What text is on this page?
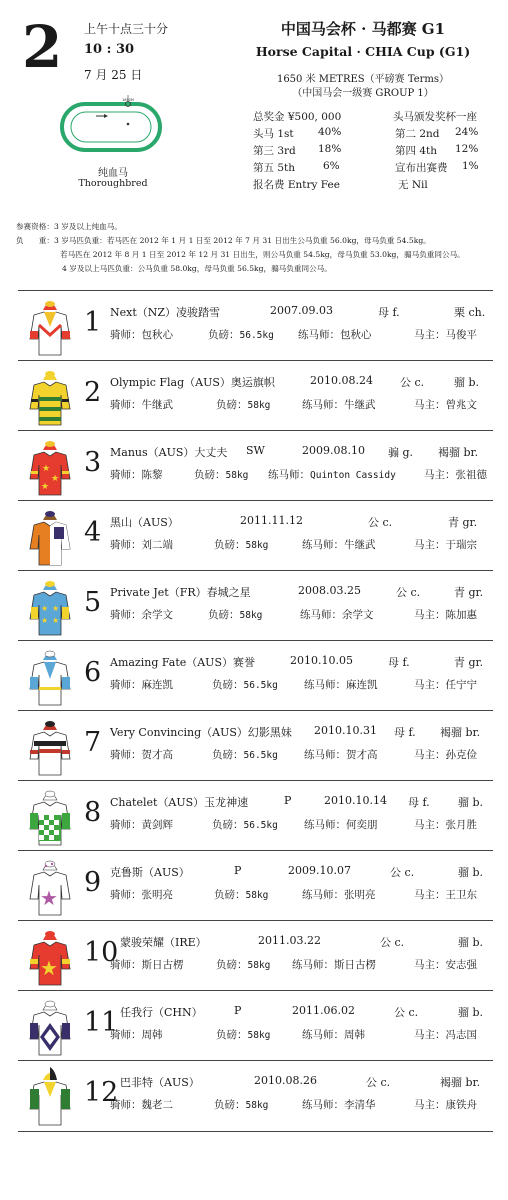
2 上午十点三十分
10 : 30
7 月 25 日
中国马会杯 · 马都赛 G1
Horse Capital · CHIA Cup (G1)
1650 米 METRES（平磅赛 Terms）
（中国马会一级赛 GROUP 1）
1650M
纯血马
Thoroughbred
总奖金 ¥500, 000	头马颁发奖杯一座
头马 1st 40%	第二 2nd 24%
第三 3rd 18%	第四 4th 12%
第五 5th	6%	宣布出赛费 1%
报名费 Entry Fee	无 Nil
参赛资格：3 岁及以上纯血马。
负　　重：3 岁马匹负重：若马匹在 2012 年 1 月 1 日至 2012 年 7 月 31 日出生公马负重 56.0kg，母马负重 54.5kg。
若马匹在 2012 年 8 月 1 日至 2012 年 12 月 31 日出生，则公马负重 54.5kg，母马负重 53.0kg，骟马负重同公马。
4 岁及以上马匹负重：公马负重 58.0kg，母马负重 56.5kg，骟马负重同公马。
1 Next（NZ）凌骏踏雪	2007.09.03	母 f.	栗 ch.
骑师：包秋心	负磅：56.5kg 练马师：包秋心	马主：马俊平
2 Olympic Flag（AUS）奥运旗帜	2010.08.24 公 c.	骝 b.
骑师：牛继武	负磅：58kg	练马师：牛继武	马主：曾兆文
★
★
★
3 Manus（AUS）大丈夫 SW	2009.08.10 骟 g. 褐骝 br.
骑师：陈黎	负磅：58kg 练马师：Quinton Cassidy	马主：张祖德
4 黑山（AUS）	2011.11.12	公 c.	青 gr.
骑师：刘二端	负磅：58kg	练马师：牛继武	马主：于瑞宗
★ ★
★ ★
5 Private Jet（FR）春城之星	2008.03.25	公 c.	青 gr.
骑师：余学文	负磅：58kg	练马师：余学文	马主：陈加惠
6 Amazing Fate（AUS）赛誉	2010.10.05	母 f.	青 gr.
骑师：麻连凯	负磅：56.5kg 练马师：麻连凯	马主：任宁宁
7 Very Convincing（AUS）幻影黑妹 2010.10.31 母 f. 褐骝 br.
骑师：贺才高	负磅：56.5kg 练马师：贺才高	马主：孙克俭
8 Chatelet（AUS）玉龙神速	P	2010.10.14 母 f.	骝 b.
骑师：黄剑辉	负磅：56.5kg 练马师：何奕朋	马主：张月胜
★ 9 克鲁斯（AUS）	P	2009.10.07	公 c.	骝 b.
骑师：张明亮	负磅：58kg	练马师：张明亮	马主：王卫东
★ 10 蒙骏荣耀（IRE）	2011.03.22	公 c.	骝 b.
骑师：斯日古楞	负磅：58kg 练马师：斯日古楞	马主：安志强
11 任我行（CHN）	P	2011.06.02	公 c.	骝 b.
骑师：周韩	负磅：58kg	练马师：周韩	马主：冯志国
12 巴非特（AUS）	2010.08.26	公 c.	褐骝 br.
骑师：魏老二	负磅：58kg	练马师：李清华	马主：康铁舟
